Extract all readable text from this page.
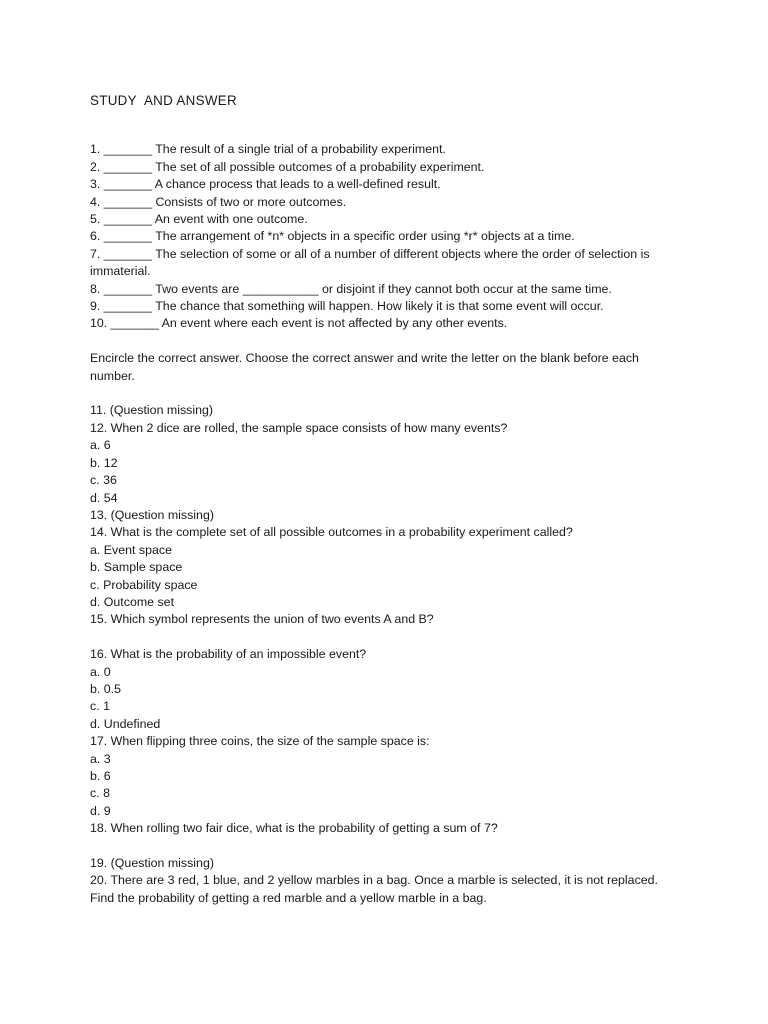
STUDY  AND ANSWER

1. _______ The result of a single trial of a probability experiment.

2. _______ The set of all possible outcomes of a probability experiment.

3. _______ A chance process that leads to a well-defined result.

4. _______ Consists of two or more outcomes.

5. _______ An event with one outcome.

6. _______ The arrangement of *n* objects in a specific order using *r* objects at a time.

7. _______ The selection of some or all of a number of different objects where the order of selection is immaterial.

8. _______ Two events are ___________ or disjoint if they cannot both occur at the same time.

9. _______ The chance that something will happen. How likely it is that some event will occur.

10. _______ An event where each event is not affected by any other events.

Encircle the correct answer. Choose the correct answer and write the letter on the blank before each number.

11. (Question missing)

12. When 2 dice are rolled, the sample space consists of how many events?

a. 6

b. 12

c. 36

d. 54

13. (Question missing)

14. What is the complete set of all possible outcomes in a probability experiment called?

a. Event space

b. Sample space

c. Probability space

d. Outcome set

15. Which symbol represents the union of two events A and B?

16. What is the probability of an impossible event?

a. 0

b. 0.5

c. 1

d. Undefined

17. When flipping three coins, the size of the sample space is:

a. 3

b. 6

c. 8

d. 9

18. When rolling two fair dice, what is the probability of getting a sum of 7?

19. (Question missing)

20. There are 3 red, 1 blue, and 2 yellow marbles in a bag. Once a marble is selected, it is not replaced. Find the probability of getting a red marble and a yellow marble in a bag.
